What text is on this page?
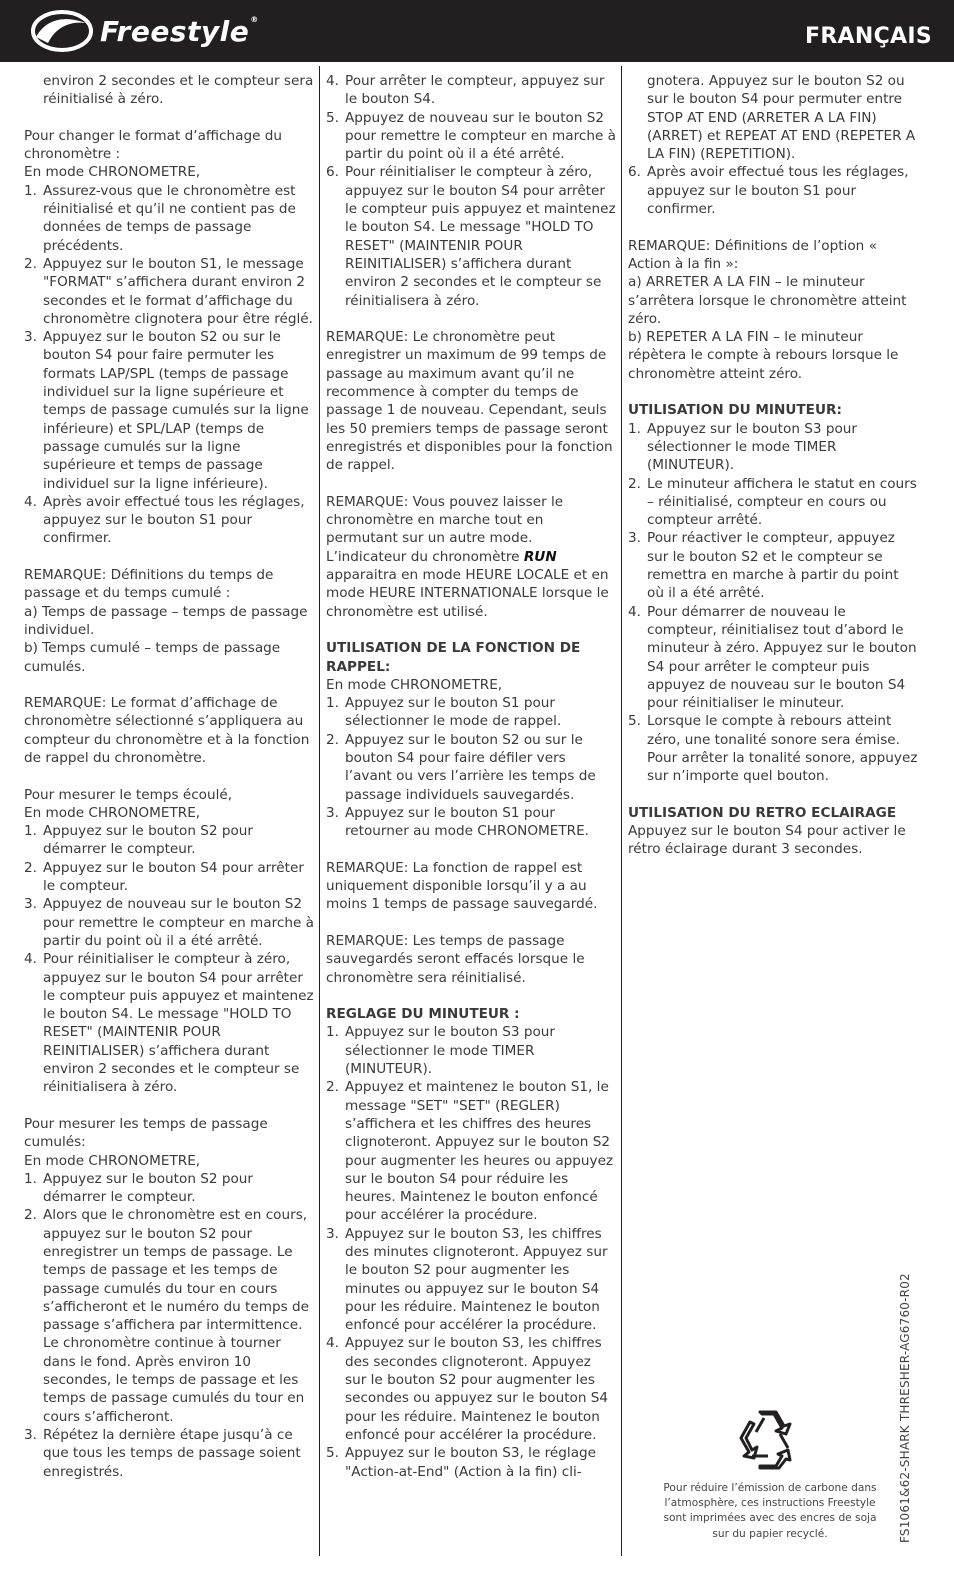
Freestyle®
FRANÇAIS

environ 2 secondes et le compteur sera réinitialisé à zéro.

Pour changer le format d’affichage du chronomètre :

En mode CHRONOMETRE,

1. Assurez-vous que le chronomètre est réinitialisé et qu’il ne contient pas de données de temps de passage précédents.
2. Appuyez sur le bouton S1, le message "FORMAT" s’affichera durant environ 2 secondes et le format d’affichage du chronomètre clignotera pour être réglé.
3. Appuyez sur le bouton S2 ou sur le bouton S4 pour faire permuter les formats LAP/SPL (temps de passage individuel sur la ligne supérieure et temps de passage cumulés sur la ligne inférieure) et SPL/LAP (temps de passage cumulés sur la ligne supérieure et temps de passage individuel sur la ligne inférieure).
4. Après avoir effectué tous les réglages, appuyez sur le bouton S1 pour confirmer.

REMARQUE: Définitions du temps de passage et du temps cumulé :

a) Temps de passage – temps de passage individuel.

b) Temps cumulé – temps de passage cumulés.

REMARQUE: Le format d’affichage de chronomètre sélectionné s’appliquera au compteur du chronomètre et à la fonction de rappel du chronomètre.

Pour mesurer le temps écoulé,

En mode CHRONOMETRE,

1. Appuyez sur le bouton S2 pour démarrer le compteur.
2. Appuyez sur le bouton S4 pour arrêter le compteur.
3. Appuyez de nouveau sur le bouton S2 pour remettre le compteur en marche à partir du point où il a été arrêté.
4. Pour réinitialiser le compteur à zéro, appuyez sur le bouton S4 pour arrêter le compteur puis appuyez et maintenez le bouton S4. Le message "HOLD TO RESET" (MAINTENIR POUR REINITIALISER) s’affichera durant environ 2 secondes et le compteur se réinitialisera à zéro.

Pour mesurer les temps de passage cumulés:

En mode CHRONOMETRE,

1. Appuyez sur le bouton S2 pour démarrer le compteur.
2. Alors que le chronomètre est en cours, appuyez sur le bouton S2 pour enregistrer un temps de passage. Le temps de passage et les temps de passage cumulés du tour en cours s’afficheront et le numéro du temps de passage s’affichera par intermittence. Le chronomètre continue à tourner dans le fond. Après environ 10 secondes, le temps de passage et les temps de passage cumulés du tour en cours s’afficheront.
3. Répétez la dernière étape jusqu’à ce que tous les temps de passage soient enregistrés.
4. Pour arrêter le compteur, appuyez sur le bouton S4.
5. Appuyez de nouveau sur le bouton S2 pour remettre le compteur en marche à partir du point où il a été arrêté.
6. Pour réinitialiser le compteur à zéro, appuyez sur le bouton S4 pour arrêter le compteur puis appuyez et maintenez le bouton S4. Le message "HOLD TO RESET" (MAINTENIR POUR REINITIALISER) s’affichera durant environ 2 secondes et le compteur se réinitialisera à zéro.

REMARQUE: Le chronomètre peut enregistrer un maximum de 99 temps de passage au maximum avant qu’il ne recommence à compter du temps de passage 1 de nouveau. Cependant, seuls les 50 premiers temps de passage seront enregistrés et disponibles pour la fonction de rappel.

REMARQUE: Vous pouvez laisser le chronomètre en marche tout en permutant sur un autre mode. L’indicateur du chronomètre RUN apparaitra en mode HEURE LOCALE et en mode HEURE INTERNATIONALE lorsque le chronomètre est utilisé.

UTILISATION DE LA FONCTION DE RAPPEL:

En mode CHRONOMETRE,

1. Appuyez sur le bouton S1 pour sélectionner le mode de rappel.
2. Appuyez sur le bouton S2 ou sur le bouton S4 pour faire défiler vers l’avant ou vers l’arrière les temps de passage individuels sauvegardés.
3. Appuyez sur le bouton S1 pour retourner au mode CHRONOMETRE.

REMARQUE: La fonction de rappel est uniquement disponible lorsqu’il y a au moins 1 temps de passage sauvegardé.

REMARQUE: Les temps de passage sauvegardés seront effacés lorsque le chronomètre sera réinitialisé.

REGLAGE DU MINUTEUR :
1. Appuyez sur le bouton S3 pour sélectionner le mode TIMER (MINUTEUR).
2. Appuyez et maintenez le bouton S1, le message "SET" "SET" (REGLER) s’affichera et les chiffres des heures clignoteront. Appuyez sur le bouton S2 pour augmenter les heures ou appuyez sur le bouton S4 pour réduire les heures. Maintenez le bouton enfoncé pour accélérer la procédure.
3. Appuyez sur le bouton S3, les chiffres des minutes clignoteront. Appuyez sur le bouton S2 pour augmenter les minutes ou appuyez sur le bouton S4 pour les réduire. Maintenez le bouton enfoncé pour accélérer la procédure.
4. Appuyez sur le bouton S3, les chiffres des secondes clignoteront. Appuyez sur le bouton S2 pour augmenter les secondes ou appuyez sur le bouton S4 pour les réduire. Maintenez le bouton enfoncé pour accélérer la procédure.
5. Appuyez sur le bouton S3, le réglage "Action-at-End" (Action à la fin) cli-

gnotera. Appuyez sur le bouton S2 ou sur le bouton S4 pour permuter entre STOP AT END (ARRETER A LA FIN) (ARRET) et REPEAT AT END (REPETER A LA FIN) (REPETITION).

6. Après avoir effectué tous les réglages, appuyez sur le bouton S1 pour confirmer.

REMARQUE: Définitions de l’option « Action à la fin »:

a) ARRETER A LA FIN – le minuteur s’arrêtera lorsque le chronomètre atteint zéro.

b) REPETER A LA FIN – le minuteur répètera le compte à rebours lorsque le chronomètre atteint zéro.

UTILISATION DU MINUTEUR:
1. Appuyez sur le bouton S3 pour sélectionner le mode TIMER (MINUTEUR).
2. Le minuteur affichera le statut en cours – réinitialisé, compteur en cours ou compteur arrêté.
3. Pour réactiver le compteur, appuyez sur le bouton S2 et le compteur se remettra en marche à partir du point où il a été arrêté.
4. Pour démarrer de nouveau le compteur, réinitialisez tout d’abord le minuteur à zéro. Appuyez sur le bouton S4 pour arrêter le compteur puis appuyez de nouveau sur le bouton S4 pour réinitialiser le minuteur.
5. Lorsque le compte à rebours atteint zéro, une tonalité sonore sera émise. Pour arrêter la tonalité sonore, appuyez sur n’importe quel bouton.
UTILISATION DU RETRO ECLAIRAGE

Appuyez sur le bouton S4 pour activer le rétro éclairage durant 3 secondes.

Pour réduire l’émission de carbone dans l’atmosphère, ces instructions Freestyle sont imprimées avec des encres de soja sur du papier recyclé.	FS1061&62-SHARK THRESHER-AG6760-R02
